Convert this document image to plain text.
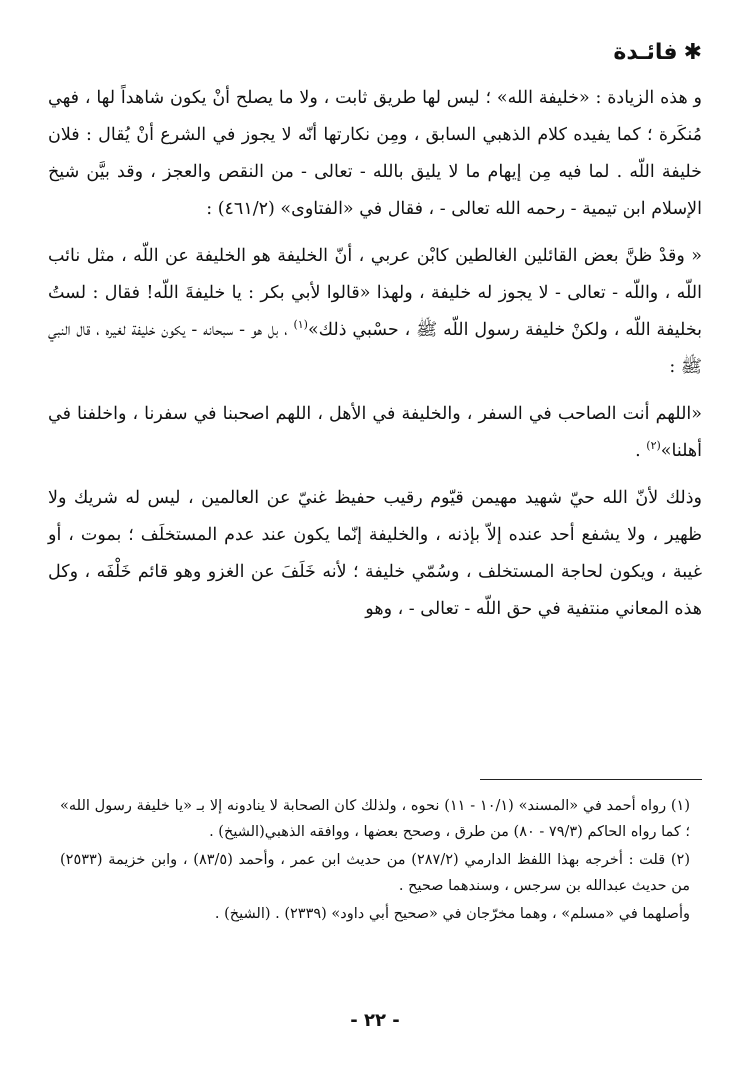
✱فائـدة

و هذه الزيادة : «خليفة الله» ؛ ليس لها طريق ثابت ، ولا ما يصلح أنْ يكون شاهداً لها ، فهي مُنكَرة ؛ كما يفيده كلام الذهبي السابق ، ومِن نكارتها أنّه لا يجوز في الشرع أنْ يُقال : فلان خليفة اللّه . لما فيه مِن إيهام ما لا يليق بالله - تعالى - من النقص والعجز ، وقد بيَّن شيخ الإسلام ابن تيمية - رحمه الله تعالى - ، فقال في «الفتاوى» (٤٦١/٢) :

« وقدْ ظنَّ بعض القائلين الغالطين كابْن عربي ، أنّ الخليفة هو الخليفة عن اللّه ، مثل نائب اللّه ، واللّه - تعالى - لا يجوز له خليفة ، ولهذا «قالوا لأبي بكر : يا خليفةَ اللّه! فقال : لستُ بخليفة اللّه ، ولكنْ خليفة رسول اللّه ﷺ ، حسْبي ذلك»$^{(١)}$ ، بل هو - سبحانه - يكون خليفة لغيره ، قال النبي ﷺ :

«اللهم أنت الصاحب في السفر ، والخليفة في الأهل ، اللهم اصحبنا في سفرنا ، واخلفنا في أهلنا»$^{(٢)}$ .

وذلك لأنّ الله حيّ شهيد مهيمن قيّوم رقيب حفيظ غنيّ عن العالمين ، ليس له شريك ولا ظهير ، ولا يشفع أحد عنده إلاّ بإذنه ، والخليفة إنّما يكون عند عدم المستخلَف ؛ بموت ، أو غيبة ، ويكون لحاجة المستخلف ، وسُمّي خليفة ؛ لأنه خَلَفَ عن الغزو وهو قائم خَلْفَه ، وكل هذه المعاني منتفية في حق اللّه - تعالى - ، وهو

(١) رواه أحمد في «المسند» (١٠/١ - ١١) نحوه ، ولذلك كان الصحابة لا ينادونه إلا بـ «يا خليفة رسول الله» ؛ كما رواه الحاكم (٧٩/٣ - ٨٠) من طرق ، وصحح بعضها ، ووافقه الذهبي(الشيخ) .

(٢) قلت : أخرجه بهذا اللفظ الدارمي (٢٨٧/٢) من حديث ابن عمر ، وأحمد (٨٣/٥) ، وابن خزيمة (٢٥٣٣) من حديث عبدالله بن سرجس ، وسندهما صحيح .

وأصلهما في «مسلم» ، وهما مخرّجان في «صحيح أبي داود» (٢٣٣٩) . (الشيخ) .

- ٢٢ -
